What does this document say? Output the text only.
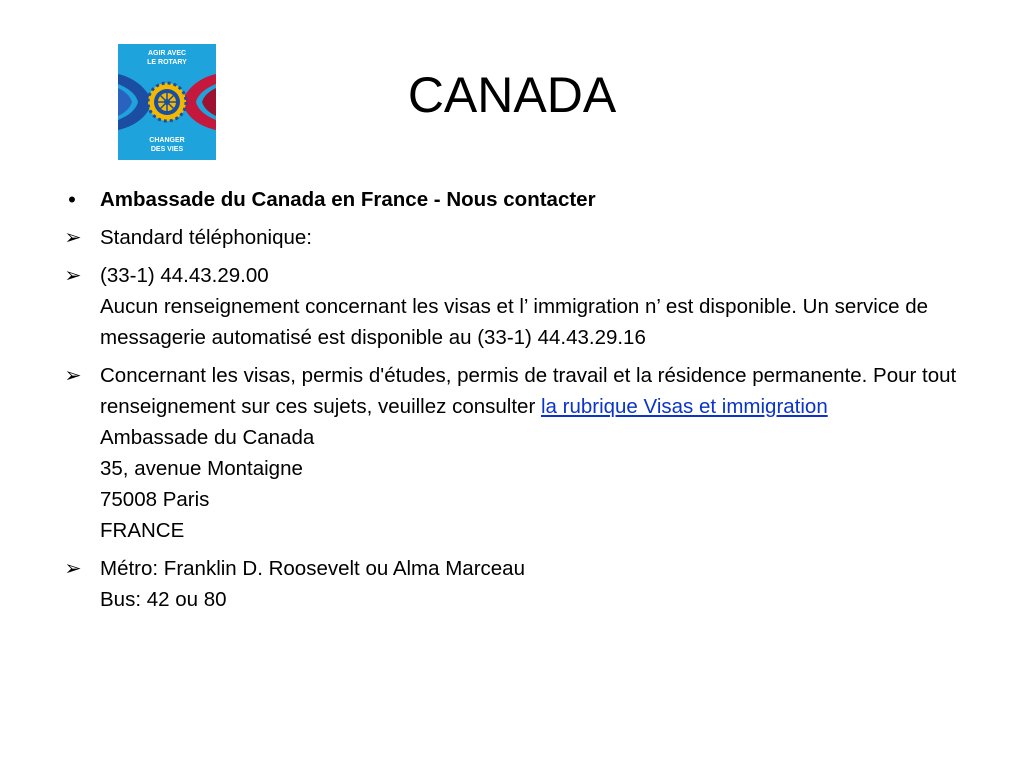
AGIR AVEC
LE ROTARY
CHANGER
DES VIES
CANADA
•	Ambassade du Canada en France - Nous contacter
➢ Standard téléphonique:
➢ (33-1) 44.43.29.00
Aucun renseignement concernant les visas et l’ immigration n’ est disponible. Un service de messagerie automatisé est disponible au (33-1) 44.43.29.16
➢ Concernant les visas, permis d'études, permis de travail et la résidence permanente. Pour tout renseignement sur ces sujets, veuillez consulter la rubrique Visas et immigration
Ambassade du Canada
35, avenue Montaigne
75008 Paris
FRANCE
➢ Métro: Franklin D. Roosevelt ou Alma Marceau
Bus: 42 ou 80
